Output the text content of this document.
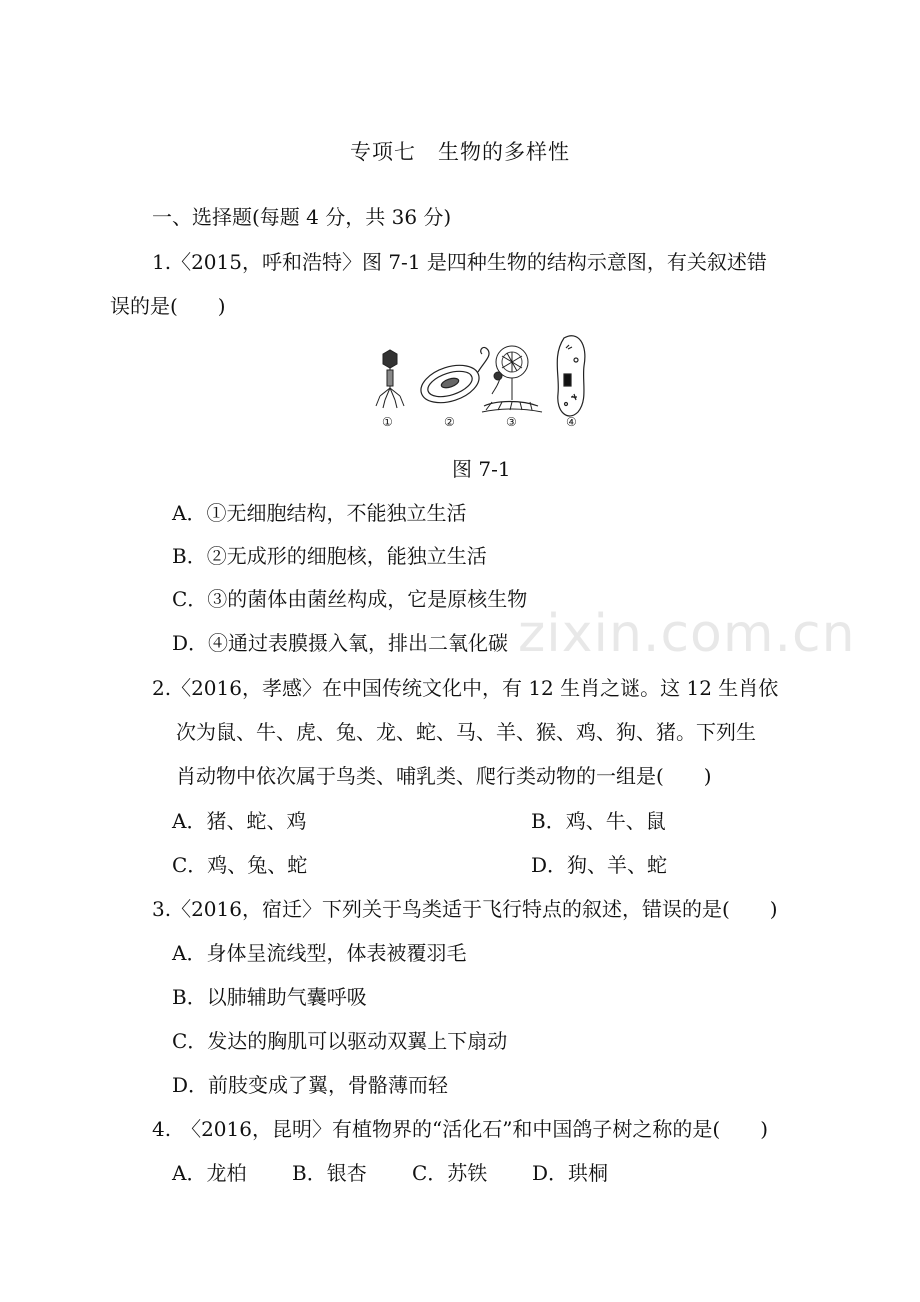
zixin.com.cn
专项七　生物的多样性
一、选择题(每题 4 分，共 36 分)
1.〈2015，呼和浩特〉图 7-1 是四种生物的结构示意图，有关叙述错
误的是(　　)
①	②	③	④
图 7-1
A．①无细胞结构，不能独立生活
B．②无成形的细胞核，能独立生活
C．③的菌体由菌丝构成，它是原核生物
D．④通过表膜摄入氧，排出二氧化碳
2.〈2016，孝感〉在中国传统文化中，有 12 生肖之谜。这 12 生肖依
次为鼠、牛、虎、兔、龙、蛇、马、羊、猴、鸡、狗、猪。下列生
肖动物中依次属于鸟类、哺乳类、爬行类动物的一组是(　　)
A．猪、蛇、鸡	B．鸡、牛、鼠
C．鸡、兔、蛇	D．狗、羊、蛇
3.〈2016，宿迁〉下列关于鸟类适于飞行特点的叙述，错误的是(　　)
A．身体呈流线型，体表被覆羽毛
B．以肺辅助气囊呼吸
C．发达的胸肌可以驱动双翼上下扇动
D．前肢变成了翼，骨骼薄而轻
4.　〈2016，昆明〉有植物界的“活化石”和中国鸽子树之称的是(　　)
A．龙柏 B．银杏 C．苏铁 D．珙桐
